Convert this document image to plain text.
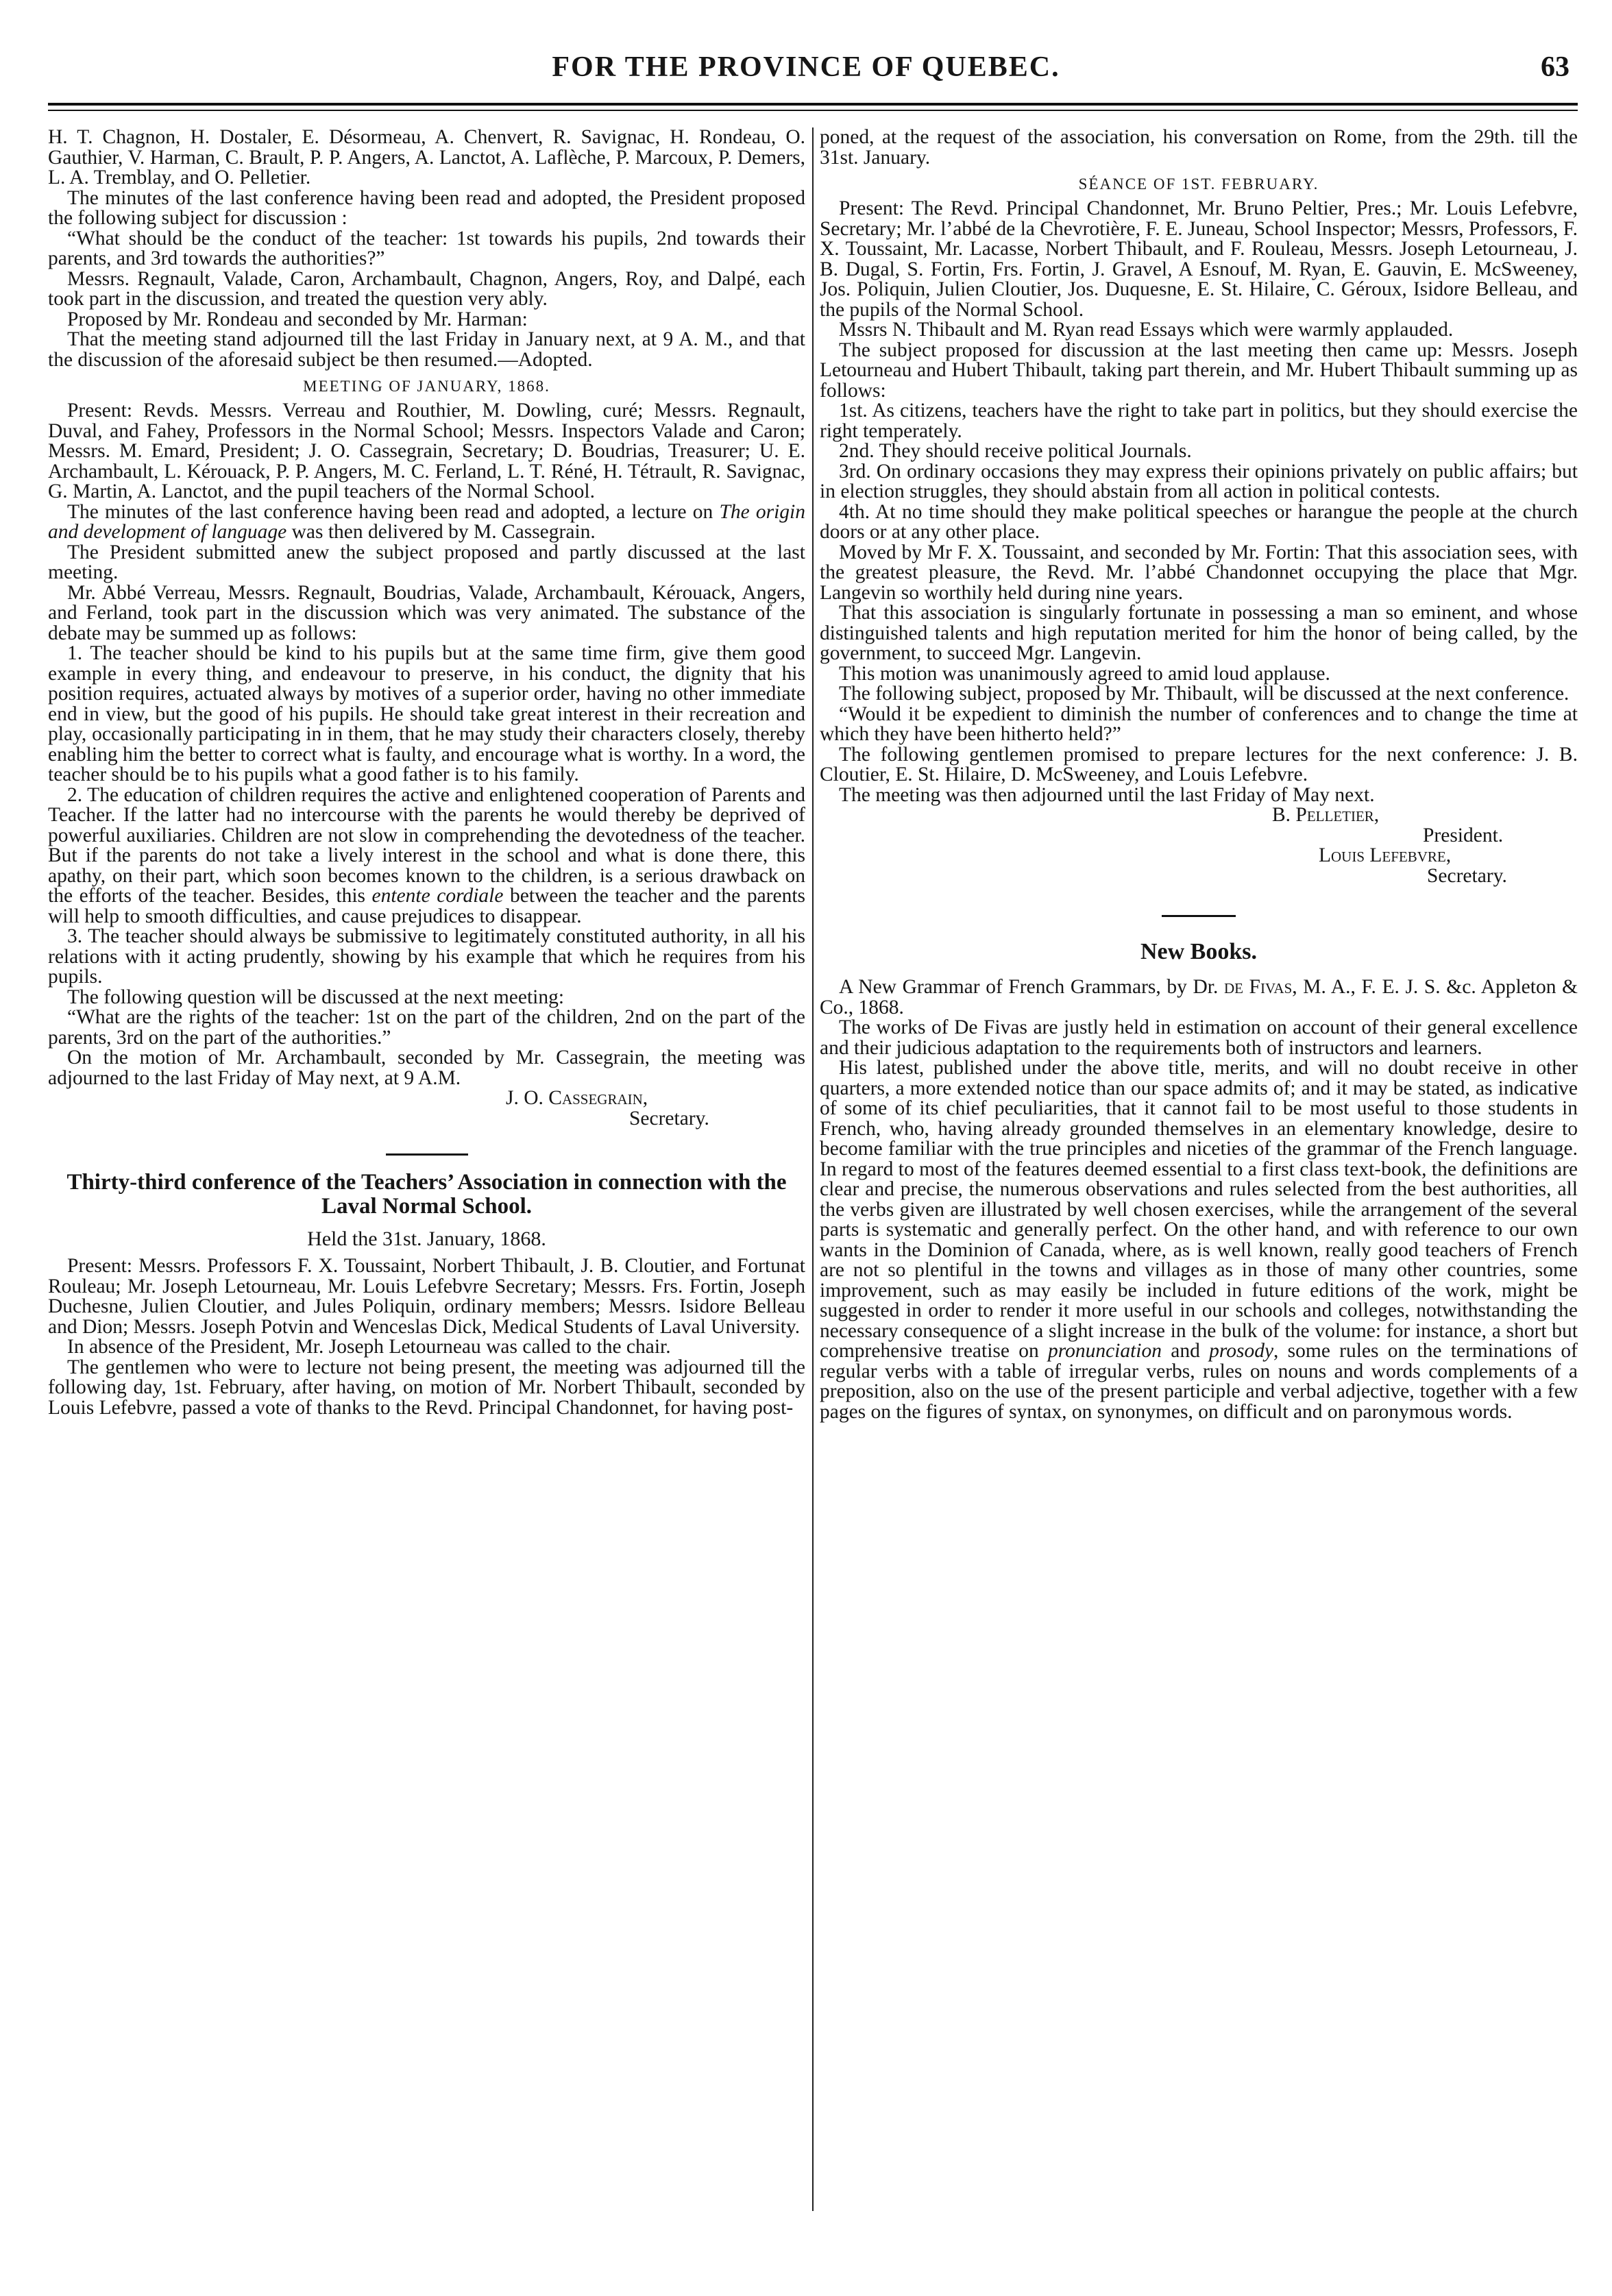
FOR THE PROVINCE OF QUEBEC.	63

H. T. Chagnon, H. Dostaler, E. Désormeau, A. Chenvert, R. Savignac, H. Rondeau, O. Gauthier, V. Harman, C. Brault, P. P. Angers, A. Lanctot, A. Laflèche, P. Marcoux, P. Demers, L. A. Tremblay, and O. Pelletier.

The minutes of the last conference having been read and adopted, the President proposed the following subject for discussion :

“What should be the conduct of the teacher: 1st towards his pupils, 2nd towards their parents, and 3rd towards the authorities?”

Messrs. Regnault, Valade, Caron, Archambault, Chagnon, Angers, Roy, and Dalpé, each took part in the discussion, and treated the question very ably.

Proposed by Mr. Rondeau and seconded by Mr. Harman:

That the meeting stand adjourned till the last Friday in January next, at 9 A. M., and that the discussion of the aforesaid subject be then resumed.—Adopted.

MEETING OF JANUARY, 1868.

Present: Revds. Messrs. Verreau and Routhier, M. Dowling, curé; Messrs. Regnault, Duval, and Fahey, Professors in the Normal School; Messrs. Inspectors Valade and Caron; Messrs. M. Emard, President; J. O. Cassegrain, Secretary; D. Boudrias, Treasurer; U. E. Archambault, L. Kérouack, P. P. Angers, M. C. Ferland, L. T. Réné, H. Tétrault, R. Savignac, G. Martin, A. Lanctot, and the pupil teachers of the Normal School.

The minutes of the last conference having been read and adopted, a lecture on The origin and development of language was then delivered by M. Cassegrain.

The President submitted anew the subject proposed and partly discussed at the last meeting.

Mr. Abbé Verreau, Messrs. Regnault, Boudrias, Valade, Archambault, Kérouack, Angers, and Ferland, took part in the discussion which was very animated. The substance of the debate may be summed up as follows:

1. The teacher should be kind to his pupils but at the same time firm, give them good example in every thing, and endeavour to preserve, in his conduct, the dignity that his position requires, actuated always by motives of a superior order, having no other immediate end in view, but the good of his pupils. He should take great interest in their recreation and play, occasionally participating in in them, that he may study their characters closely, thereby enabling him the better to correct what is faulty, and encourage what is worthy. In a word, the teacher should be to his pupils what a good father is to his family.

2. The education of children requires the active and enlightened cooperation of Parents and Teacher. If the latter had no intercourse with the parents he would thereby be deprived of powerful auxiliaries. Children are not slow in comprehending the devotedness of the teacher. But if the parents do not take a lively interest in the school and what is done there, this apathy, on their part, which soon becomes known to the children, is a serious drawback on the efforts of the teacher. Besides, this entente cordiale between the teacher and the parents will help to smooth difficulties, and cause prejudices to disappear.

3. The teacher should always be submissive to legitimately constituted authority, in all his relations with it acting prudently, showing by his example that which he requires from his pupils.

The following question will be discussed at the next meeting:

“What are the rights of the teacher: 1st on the part of the children, 2nd on the part of the parents, 3rd on the part of the authorities.”

On the motion of Mr. Archambault, seconded by Mr. Cassegrain, the meeting was adjourned to the last Friday of May next, at 9 A.M.

J. O. Cassegrain,

Secretary.

Thirty-third conference of the Teachers’ Association in connection with the Laval Normal School.

Held the 31st. January, 1868.

Present: Messrs. Professors F. X. Toussaint, Norbert Thibault, J. B. Cloutier, and Fortunat Rouleau; Mr. Joseph Letourneau, Mr. Louis Lefebvre Secretary; Messrs. Frs. Fortin, Joseph Duchesne, Julien Cloutier, and Jules Poliquin, ordinary members; Messrs. Isidore Belleau and Dion; Messrs. Joseph Potvin and Wenceslas Dick, Medical Students of Laval University.

In absence of the President, Mr. Joseph Letourneau was called to the chair.

The gentlemen who were to lecture not being present, the meeting was adjourned till the following day, 1st. February, after having, on motion of Mr. Norbert Thibault, seconded by Louis Lefebvre, passed a vote of thanks to the Revd. Principal Chandonnet, for having post-

poned, at the request of the association, his conversation on Rome, from the 29th. till the 31st. January.

SÉANCE OF 1ST. FEBRUARY.

Present: The Revd. Principal Chandonnet, Mr. Bruno Peltier, Pres.; Mr. Louis Lefebvre, Secretary; Mr. l’abbé de la Chevrotière, F. E. Juneau, School Inspector; Messrs, Professors, F. X. Toussaint, Mr. Lacasse, Norbert Thibault, and F. Rouleau, Messrs. Joseph Letourneau, J. B. Dugal, S. Fortin, Frs. Fortin, J. Gravel, A Esnouf, M. Ryan, E. Gauvin, E. McSweeney, Jos. Poliquin, Julien Cloutier, Jos. Duquesne, E. St. Hilaire, C. Géroux, Isidore Belleau, and the pupils of the Normal School.

Mssrs N. Thibault and M. Ryan read Essays which were warmly applauded.

The subject proposed for discussion at the last meeting then came up: Messrs. Joseph Letourneau and Hubert Thibault, taking part therein, and Mr. Hubert Thibault summing up as follows:

1st. As citizens, teachers have the right to take part in politics, but they should exercise the right temperately.

2nd. They should receive political Journals.

3rd. On ordinary occasions they may express their opinions privately on public affairs; but in election struggles, they should abstain from all action in political contests.

4th. At no time should they make political speeches or harangue the people at the church doors or at any other place.

Moved by Mr F. X. Toussaint, and seconded by Mr. Fortin: That this association sees, with the greatest pleasure, the Revd. Mr. l’abbé Chandonnet occupying the place that Mgr. Langevin so worthily held during nine years.

That this association is singularly fortunate in possessing a man so eminent, and whose distinguished talents and high reputation merited for him the honor of being called, by the government, to succeed Mgr. Langevin.

This motion was unanimously agreed to amid loud applause.

The following subject, proposed by Mr. Thibault, will be discussed at the next conference.

“Would it be expedient to diminish the number of conferences and to change the time at which they have been hitherto held?”

The following gentlemen promised to prepare lectures for the next conference: J. B. Cloutier, E. St. Hilaire, D. McSweeney, and Louis Lefebvre.

The meeting was then adjourned until the last Friday of May next.

B. Pelletier,

President.

Louis Lefebvre,

Secretary.

New Books.

A New Grammar of French Grammars, by Dr. de Fivas, M. A., F. E. J. S. &c. Appleton & Co., 1868.

The works of De Fivas are justly held in estimation on account of their general excellence and their judicious adaptation to the requirements both of instructors and learners.

His latest, published under the above title, merits, and will no doubt receive in other quarters, a more extended notice than our space admits of; and it may be stated, as indicative of some of its chief peculiarities, that it cannot fail to be most useful to those students in French, who, having already grounded themselves in an elementary knowledge, desire to become familiar with the true principles and niceties of the grammar of the French language. In regard to most of the features deemed essential to a first class text-book, the definitions are clear and precise, the numerous observations and rules selected from the best authorities, all the verbs given are illustrated by well chosen exercises, while the arrangement of the several parts is systematic and generally perfect. On the other hand, and with reference to our own wants in the Dominion of Canada, where, as is well known, really good teachers of French are not so plentiful in the towns and villages as in those of many other countries, some improvement, such as may easily be included in future editions of the work, might be suggested in order to render it more useful in our schools and colleges, notwithstanding the necessary consequence of a slight increase in the bulk of the volume: for instance, a short but comprehensive treatise on pronunciation and prosody, some rules on the terminations of regular verbs with a table of irregular verbs, rules on nouns and words complements of a preposition, also on the use of the present participle and verbal adjective, together with a few pages on the figures of syntax, on synonymes, on difficult and on paronymous words.
